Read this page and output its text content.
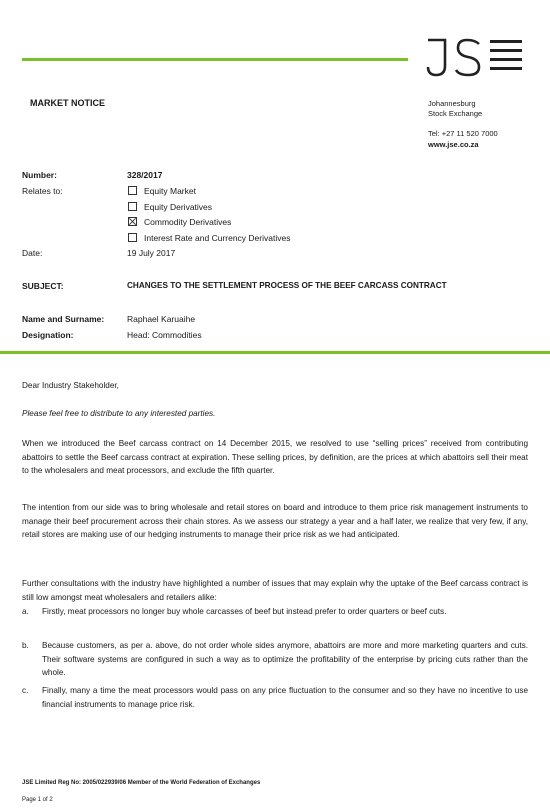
MARKET NOTICE	Johannesburg
Stock Exchange
Tel: +27 11 520 7000
www.jse.co.za
Number:	328/2017
Relates to:	Equity Market
Equity Derivatives
Commodity Derivatives
Interest Rate and Currency Derivatives
Date:	19 July 2017
SUBJECT:	CHANGES TO THE SETTLEMENT PROCESS OF THE BEEF CARCASS CONTRACT
Name and Surname:	Raphael Karuaihe
Designation:	Head: Commodities
Dear Industry Stakeholder,
Please feel free to distribute to any interested parties.
When we introduced the Beef carcass contract on 14 December 2015, we resolved to use “selling prices” received from contributing abattoirs to settle the Beef carcass contract at expiration. These selling prices, by definition, are the prices at which abattoirs sell their meat to the wholesalers and meat processors, and exclude the fifth quarter.
The intention from our side was to bring wholesale and retail stores on board and introduce to them price risk management instruments to manage their beef procurement across their chain stores. As we assess our strategy a year and a half later, we realize that very few, if any, retail stores are making use of our hedging instruments to manage their price risk as we had anticipated.
Further consultations with the industry have highlighted a number of issues that may explain why the uptake of the Beef carcass contract is still low amongst meat wholesalers and retailers alike:
a. Firstly, meat processors no longer buy whole carcasses of beef but instead prefer to order quarters or beef cuts.
b. Because customers, as per a. above, do not order whole sides anymore, abattoirs are more and more marketing quarters and cuts. Their software systems are configured in such a way as to optimize the profitability of the enterprise by pricing cuts rather than the whole.
c. Finally, many a time the meat processors would pass on any price fluctuation to the consumer and so they have no incentive to use financial instruments to manage price risk.
JSE Limited Reg No: 2005/022939/06 Member of the World Federation of Exchanges
Page 1 of 2
